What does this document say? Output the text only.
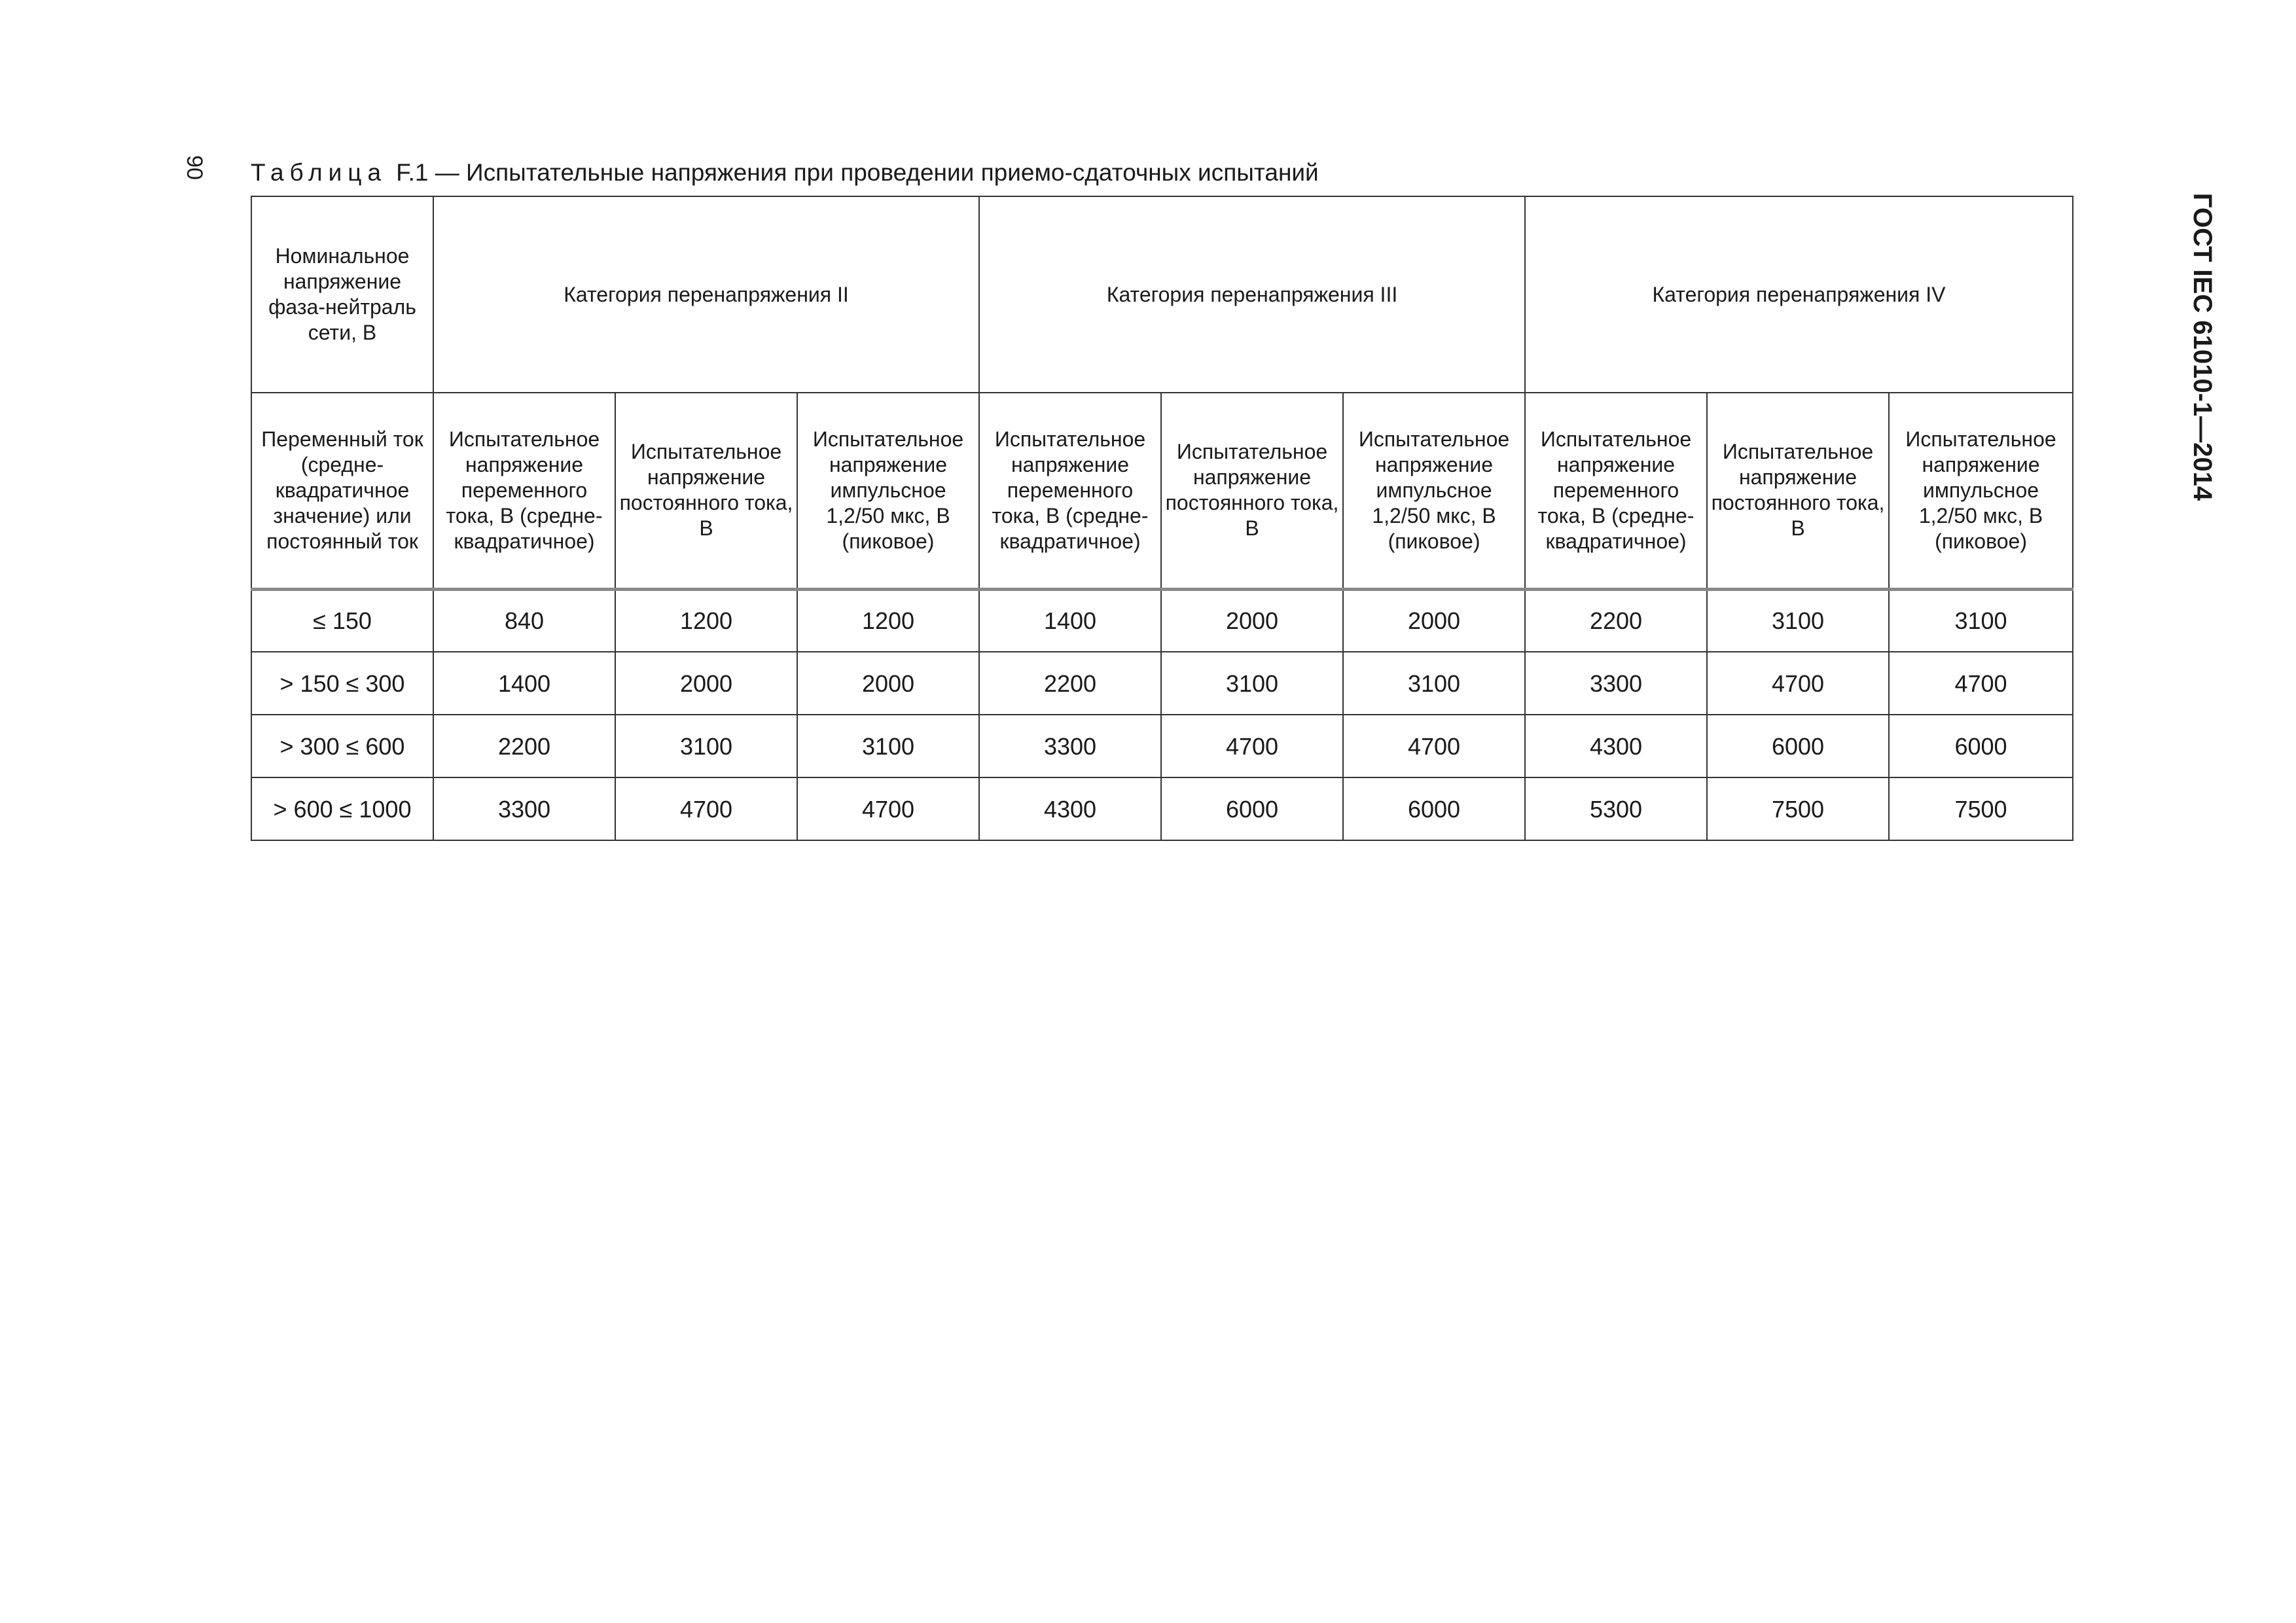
90
ГОСТ IEC 61010-1—2014
Таблица F.1 — Испытательные напряжения при проведении приемо-сдаточных испытаний
Номинальное напряжение фаза-нейтраль сети, В	Категория перенапряжения II			Категория перенапряжения III			Категория перенапряжения IV		
Переменный ток (средне-квадратичное значение) или постоянный ток	Испытательное напряжение переменного тока, В (средне-квадратичное)	Испытательное напряжение постоянного тока, В	Испытательное напряжение импульсное 1,2/50 мкс, В (пиковое)	Испытательное напряжение переменного тока, В (средне-квадратичное)	Испытательное напряжение постоянного тока, В	Испытательное напряжение импульсное 1,2/50 мкс, В (пиковое)	Испытательное напряжение переменного тока, В (средне-квадратичное)	Испытательное напряжение постоянного тока, В	Испытательное напряжение импульсное 1,2/50 мкс, В (пиковое)
≤ 150	840	1200	1200	1400	2000	2000	2200	3100	3100
> 150 ≤ 300	1400	2000	2000	2200	3100	3100	3300	4700	4700
> 300 ≤ 600	2200	3100	3100	3300	4700	4700	4300	6000	6000
> 600 ≤ 1000	3300	4700	4700	4300	6000	6000	5300	7500	7500
